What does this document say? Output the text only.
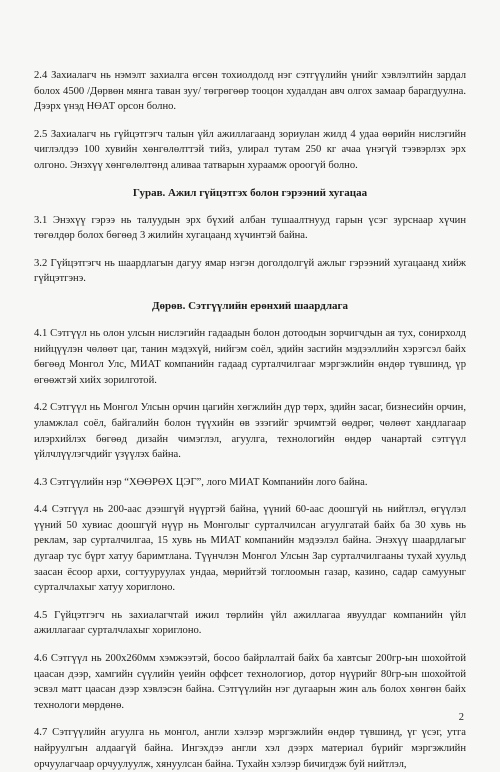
2.4 Захиалагч нь нэмэлт захиалга өгсөн тохиолдолд нэг сэтгүүлийн үнийг хэвлэлтийн зардал болох 4500 /Дөрвөн мянга таван зуу/ төгрөгөөр тооцон худалдан авч олгох замаар барагдуулна. Дээрх үнэд НӨАТ орсон болно.

2.5 Захиалагч нь гүйцэтгэгч талын үйл ажиллагаанд зориулан жилд 4 удаа өөрийн нислэгийн чиглэлдээ 100 хувийн хөнгөлөлттэй тийз, улирал тутам 250 кг ачаа үнэгүй тээвэрлэх эрх олгоно. Энэхүү хөнгөлөлтөнд аливаа татварын хураамж ороогүй болно.

Гурав. Ажил гүйцэтгэх болон гэрээний хугацаа

3.1 Энэхүү гэрээ нь талуудын эрх бүхий албан тушаалтнууд гарын үсэг зурснаар хүчин төгөлдөр болох бөгөөд 3 жилийн хугацаанд хүчинтэй байна.

3.2 Гүйцэтгэгч нь шаардлагын дагуу ямар нэгэн доголдолгүй ажлыг гэрээний хугацаанд хийж гүйцэтгэнэ.

Дөрөв. Сэтгүүлийн ерөнхий шаардлага

4.1 Сэтгүүл нь олон улсын нислэгийн гадаадын болон дотоодын зорчигчдын ая тух, сонирхолд нийцүүлэн чөлөөт цаг, танин мэдэхүй, нийгэм соёл, эдийн засгийн мэдээллийн хэрэгсэл байх бөгөөд Монгол Улс, МИАТ компанийн гадаад сурталчилгааг мэргэжлийн өндөр түвшинд, үр өгөөжтэй хийх зорилготой.

4.2 Сэтгүүл нь Монгол Улсын орчин цагийн хөгжлийн дүр төрх, эдийн засаг, бизнесийн орчин, уламжлал соёл, байгалийн болон түүхийн өв эзэгийг эрчимтэй өөдрөг, чөлөөт хандлагаар илэрхийлэх бөгөөд дизайн чимэглэл, агуулга, технологийн өндөр чанартай сэтгүүл үйлчлүүлэгчдийг үзүүлэх байна.

4.3 Сэтгүүлийн нэр “ХӨӨРӨХ ЦЭГ”, лого МИАТ Компанийн лого байна.

4.4 Сэтгүүл нь 200-аас дээшгүй нүүртэй байна, үүний 60-аас доошгүй нь нийтлэл, өгүүлэл үүний 50 хувиас доошгүй нүүр нь Монголыг сурталчилсан агуулгатай байх ба 30 хувь нь реклам, зар сурталчилгаа, 15 хувь нь МИАТ компанийн мэдээлэл байна. Энэхүү шаардлагыг дугаар тус бүрт хатуу баримтлана. Түүнчлэн Монгол Улсын Зар сурталчилгааны тухай хуульд заасан ёсоор архи, согтууруулах ундаа, мөрийтэй тоглоомын газар, казино, садар самууныг сурталчлахыг хатуу хориглоно.

4.5 Гүйцэтгэгч нь захиалагчтай ижил төрлийн үйл ажиллагаа явуулдаг компанийн үйл ажиллагааг сурталчлахыг хориглоно.

4.6 Сэтгүүл нь 200х260мм хэмжээтэй, босоо байрлалтай байх ба хавтсыг 200гр-ын шохойтой цаасан дээр, хамгийн сүүлийн үеийн оффсет технологиор, дотор нүүрийг 80гр-ын шохойтой эсвэл матт цаасан дээр хэвлэсэн байна. Сэтгүүлийн нэг дугаарын жин аль болох хөнгөн байх технологи мөрдөнө.

4.7 Сэтгүүлийн агуулга нь монгол, англи хэлээр мэргэжлийн өндөр түвшинд, үг үсэг, утга найруулгын алдаагүй байна. Ингэхдээ англи хэл дээрх материал бүрийг мэргэжлийн орчуулагчаар орчуулуулж, хянуулсан байна. Тухайн хэлээр бичигдэж буй нийтлэл,

2
